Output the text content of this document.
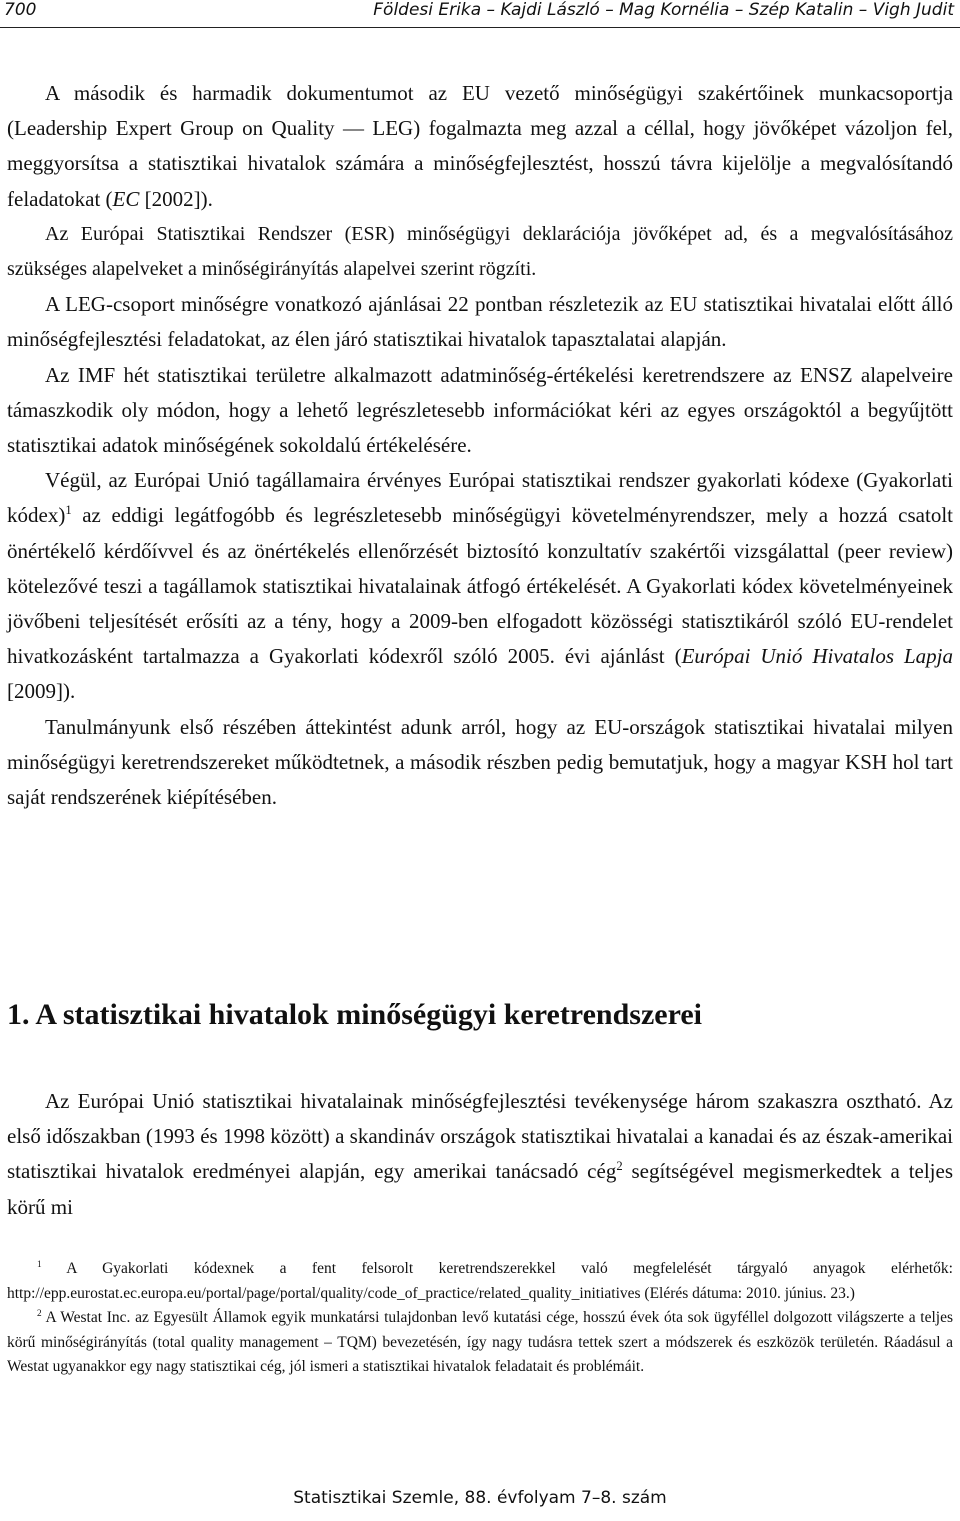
700	Földesi Erika – Kajdi László – Mag Kornélia – Szép Katalin – Vigh Judit

A második és harmadik dokumentumot az EU vezető minőségügyi szakértőinek munkacsoportja (Leadership Expert Group on Quality ― LEG) fogalmazta meg azzal a céllal, hogy jövőképet vázoljon fel, meggyorsítsa a statisztikai hivatalok számára a minőségfejlesztést, hosszú távra kijelölje a megvalósítandó feladatokat (EC [2002]).

Az Európai Statisztikai Rendszer (ESR) minőségügyi deklarációja jövőképet ad, és a megvalósításához szükséges alapelveket a minőségirányítás alapelvei szerint rögzíti.

A LEG-csoport minőségre vonatkozó ajánlásai 22 pontban részletezik az EU statisztikai hivatalai előtt álló minőségfejlesztési feladatokat, az élen járó statisztikai hivatalok tapasztalatai alapján.

Az IMF hét statisztikai területre alkalmazott adatminőség-értékelési keretrendszere az ENSZ alapelveire támaszkodik oly módon, hogy a lehető legrészletesebb információkat kéri az egyes országoktól a begyűjtött statisztikai adatok minőségének sokoldalú értékelésére.

Végül, az Európai Unió tagállamaira érvényes Európai statisztikai rendszer gyakorlati kódexe (Gyakorlati kódex)$^1$ az eddigi legátfogóbb és legrészletesebb minőségügyi követelményrendszer, mely a hozzá csatolt önértékelő kérdőívvel és az önértékelés ellenőrzését biztosító konzultatív szakértői vizsgálattal (peer review) kötelezővé teszi a tagállamok statisztikai hivatalainak átfogó értékelését. A Gyakorlati kódex követelményeinek jövőbeni teljesítését erősíti az a tény, hogy a 2009-ben elfogadott közösségi statisztikáról szóló EU-rendelet hivatkozásként tartalmazza a Gyakorlati kódexről szóló 2005. évi ajánlást (Európai Unió Hivatalos Lapja [2009]).

Tanulmányunk első részében áttekintést adunk arról, hogy az EU-országok statisztikai hivatalai milyen minőségügyi keretrendszereket működtetnek, a második részben pedig bemutatjuk, hogy a magyar KSH hol tart saját rendszerének kiépítésében.

1. A statisztikai hivatalok minőségügyi keretrendszerei

Az Európai Unió statisztikai hivatalainak minőségfejlesztési tevékenysége három szakaszra osztható. Az első időszakban (1993 és 1998 között) a skandináv országok statisztikai hivatalai a kanadai és az észak-amerikai statisztikai hivatalok eredményei alapján, egy amerikai tanácsadó cég$^2$ segítségével megismerkedtek a teljes körű mi

$^1$ A Gyakorlati kódexnek a fent felsorolt keretrendszerekkel való megfelelését tárgyaló anyagok elérhetők: http://epp.eurostat.ec.europa.eu/portal/page/portal/quality/code_of_practice/related_quality_initiatives (Elérés dátuma: 2010. június. 23.)

$^2$ A Westat Inc. az Egyesült Államok egyik munkatársi tulajdonban levő kutatási cége, hosszú évek óta sok ügyféllel dolgozott világszerte a teljes körű minőségirányítás (total quality management – TQM) bevezetésén, így nagy tudásra tettek szert a módszerek és eszközök területén. Ráadásul a Westat ugyanakkor egy nagy statisztikai cég, jól ismeri a statisztikai hivatalok feladatait és problémáit.

Statisztikai Szemle, 88. évfolyam 7–8. szám
